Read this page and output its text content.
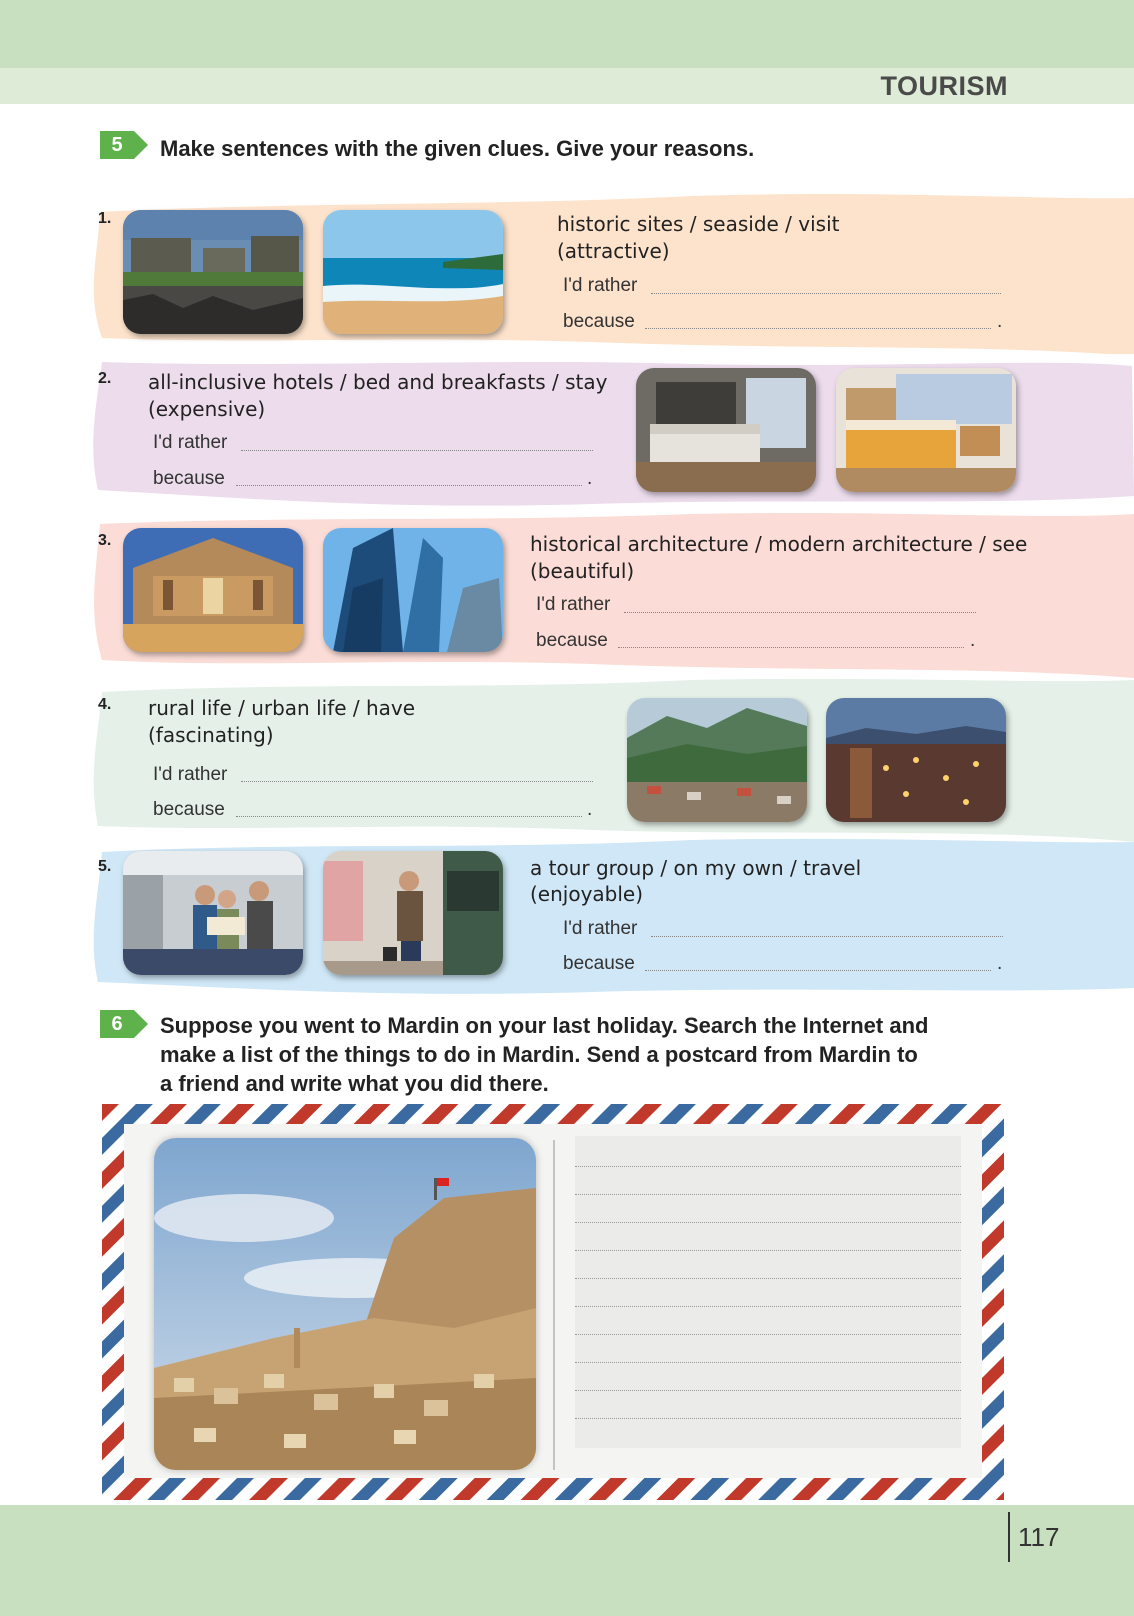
TOURISM
5	Make sentences with the given clues. Give your reasons.
1.	historic sites / seaside / visit
(attractive)
I'd rather
because	.
2. all-inclusive hotels / bed and breakfasts / stay
(expensive)
I'd rather
because	.
3.	historical architecture / modern architecture / see
(beautiful)
I'd rather
because	.
4. rural life / urban life / have
(fascinating)
I'd rather
because	.
5.	a tour group / on my own / travel
(enjoyable)
I'd rather
because	.
6	Suppose you went to Mardin on your last holiday. Search the Internet and
make a list of the things to do in Mardin. Send a postcard from Mardin to
a friend and write what you did there.
117
